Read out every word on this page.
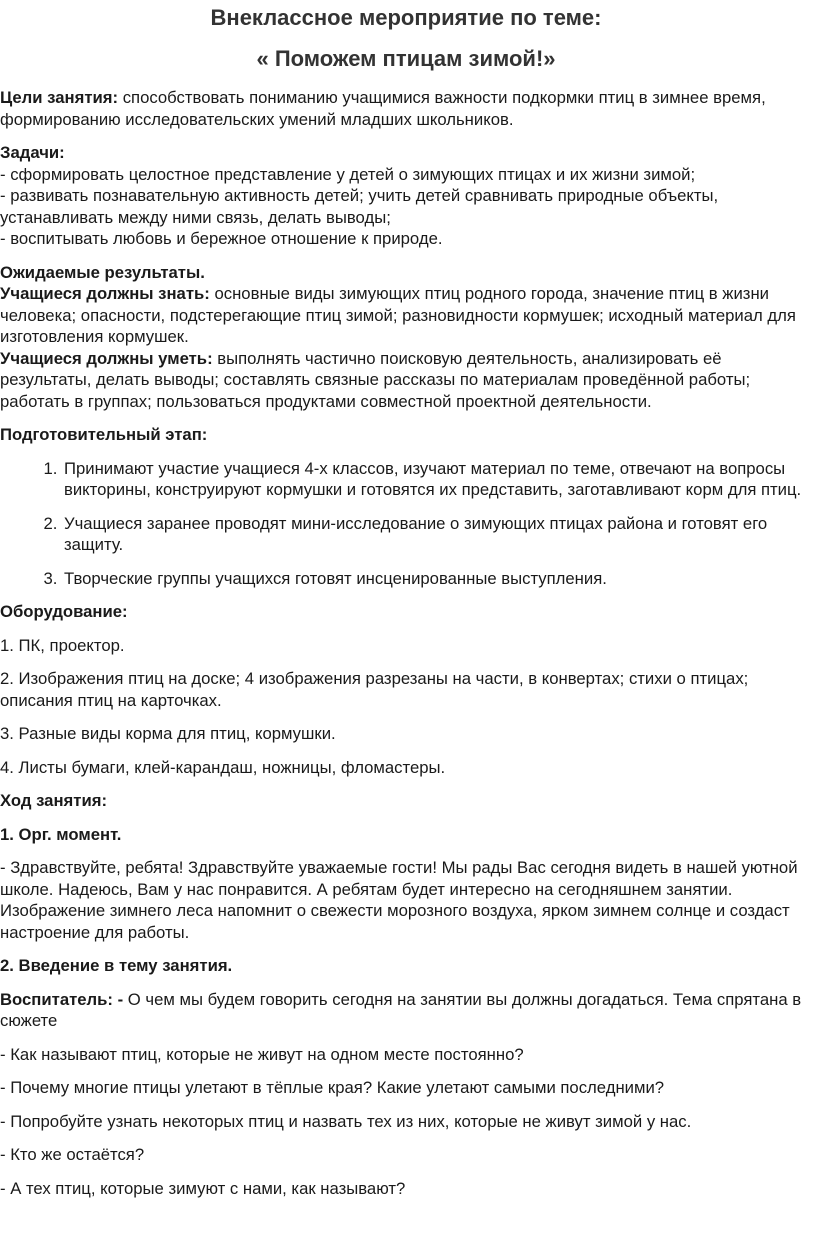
Внеклассное мероприятие по теме:
« Поможем птицам зимой!»

Цели занятия: способствовать пониманию учащимися важности подкормки птиц в зимнее время, формированию исследовательских умений младших школьников.

Задачи:

- сформировать целостное представление у детей о зимующих птицах и их жизни зимой;

- развивать познавательную активность детей; учить детей сравнивать природные объекты, устанавливать между ними связь, делать выводы;

- воспитывать любовь и бережное отношение к природе.

Ожидаемые результаты.

Учащиеся должны знать: основные виды зимующих птиц родного города, значение птиц в жизни человека; опасности, подстерегающие птиц зимой; разновидности кормушек; исходный материал для изготовления кормушек.

Учащиеся должны уметь: выполнять частично поисковую деятельность, анализировать её результаты, делать выводы; составлять связные рассказы по материалам проведённой работы; работать в группах; пользоваться продуктами совместной проектной деятельности.

Подготовительный этап:

1. Принимают участие учащиеся 4-х классов, изучают материал по теме, отвечают на вопросы викторины, конструируют кормушки и готовятся их представить, заготавливают корм для птиц.
2. Учащиеся заранее проводят мини-исследование о зимующих птицах района и готовят его защиту.
3. Творческие группы учащихся готовят инсценированные выступления.

Оборудование:

1. ПК, проектор.

2. Изображения птиц на доске; 4 изображения разрезаны на части, в конвертах; стихи о птицах; описания птиц на карточках.

3. Разные виды корма для птиц, кормушки.

4. Листы бумаги, клей-карандаш, ножницы, фломастеры.

Ход занятия:

1. Орг. момент.

- Здравствуйте, ребята! Здравствуйте уважаемые гости! Мы рады Вас сегодня видеть в нашей уютной школе. Надеюсь, Вам у нас понравится. А ребятам будет интересно на сегодняшнем занятии. Изображение зимнего леса напомнит о свежести морозного воздуха, ярком зимнем солнце и создаст настроение для работы.

2. Введение в тему занятия.

Воспитатель: - О чем мы будем говорить сегодня на занятии вы должны догадаться. Тема спрятана в сюжете

- Как называют птиц, которые не живут на одном месте постоянно?

- Почему многие птицы улетают в тёплые края? Какие улетают самыми последними?

- Попробуйте узнать некоторых птиц и назвать тех из них, которые не живут зимой у нас.

- Кто же остаётся?

- А тех птиц, которые зимуют с нами, как называют?
